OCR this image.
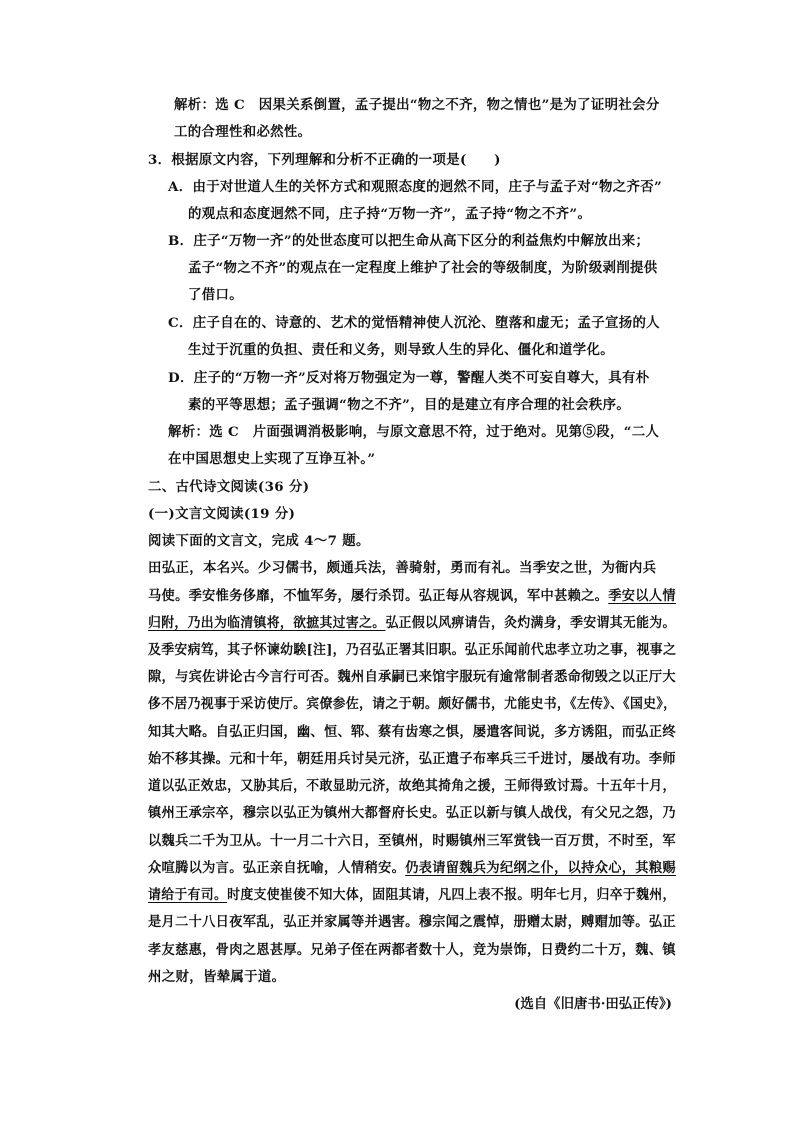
解析：选 C　因果关系倒置，孟子提出“物之不齐，物之情也”是为了证明社会分
工的合理性和必然性。
3．根据原文内容，下列理解和分析不正确的一项是(　　)
A．由于对世道人生的关怀方式和观照态度的迥然不同，庄子与孟子对“物之齐否”
的观点和态度迥然不同，庄子持“万物一齐”，孟子持“物之不齐”。
B．庄子“万物一齐”的处世态度可以把生命从高下区分的利益焦灼中解放出来；
孟子“物之不齐”的观点在一定程度上维护了社会的等级制度，为阶级剥削提供
了借口。
C．庄子自在的、诗意的、艺术的觉悟精神使人沉沦、堕落和虚无；孟子宣扬的人
生过于沉重的负担、责任和义务，则导致人生的异化、僵化和道学化。
D．庄子的“万物一齐”反对将万物强定为一尊，警醒人类不可妄自尊大，具有朴
素的平等思想；孟子强调“物之不齐”，目的是建立有序合理的社会秩序。
解析：选 C　片面强调消极影响，与原文意思不符，过于绝对。见第⑤段，“二人
在中国思想史上实现了互诤互补。”
二、古代诗文阅读(36 分)
(一)文言文阅读(19 分)
阅读下面的文言文，完成 4～7 题。
田弘正，本名兴。少习儒书，颇通兵法，善骑射，勇而有礼。当季安之世，为衙内兵
马使。季安惟务侈靡，不恤军务，屡行杀罚。弘正每从容规讽，军中甚赖之。季安以人情
归附，乃出为临清镇将，欲摭其过害之。弘正假以风痹请告，灸灼满身，季安谓其无能为。
及季安病笃，其子怀谏幼騃[注]，乃召弘正署其旧职。弘正乐闻前代忠孝立功之事，视事之
隙，与宾佐讲论古今言行可否。魏州自承嗣已来馆宇服玩有逾常制者悉命彻毁之以正厅大
侈不居乃视事于采访使厅。宾僚参佐，请之于朝。颇好儒书，尤能史书，《左传》、《国史》，
知其大略。自弘正归国，幽、恒、郓、蔡有齿寒之惧，屡遣客间说，多方诱阻，而弘正终
始不移其操。元和十年，朝廷用兵讨吴元济，弘正遣子布率兵三千进讨，屡战有功。李师
道以弘正效忠，又胁其后，不敢显助元济，故绝其掎角之援，王师得致讨焉。十五年十月，
镇州王承宗卒，穆宗以弘正为镇州大都督府长史。弘正以新与镇人战伐，有父兄之怨，乃
以魏兵二千为卫从。十一月二十六日，至镇州，时赐镇州三军赏钱一百万贯，不时至，军
众喧腾以为言。弘正亲自抚喻，人情稍安。仍表请留魏兵为纪纲之仆，以持众心，其粮赐
请给于有司。时度支使崔倰不知大体，固阻其请，凡四上表不报。明年七月，归卒于魏州，
是月二十八日夜军乱，弘正并家属等并遇害。穆宗闻之震悼，册赠太尉，赙赗加等。弘正
孝友慈惠，骨肉之恩甚厚。兄弟子侄在两都者数十人，竞为崇饰，日费约二十万，魏、镇
州之财，皆辇属于道。
(选自《旧唐书·田弘正传》)
